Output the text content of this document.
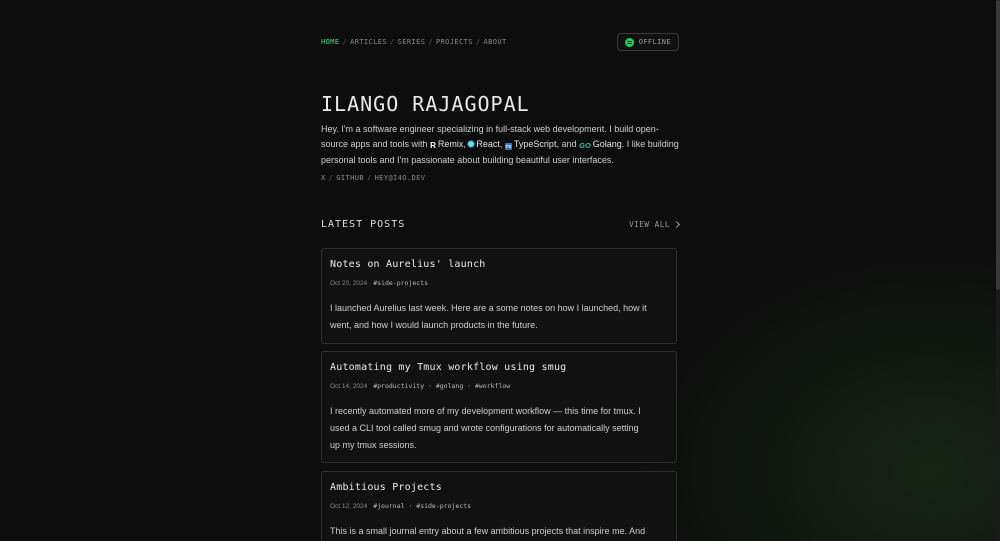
HOME / ARTICLES / SERIES / PROJECTS / ABOUT	OFFLINE
ILANGO RAJAGOPAL

Hey. I'm a software engineer specializing in full-stack web development. I build open-source apps and tools with R Remix, React, TS TypeScript, and GO Golang. I like building personal tools and I'm passionate about building beautiful user interfaces.

X / GITHUB / HEY@I4O.DEV
LATEST POSTS	VIEW ALL
Notes on Aurelius' launch
Oct 20, 2024 #side-projects
I launched Aurelius last week. Here are a some notes on how I launched, how it went, and how I would launch products in the future.
Automating my Tmux workflow using smug
Oct 14, 2024 #productivity · #golang · #workflow
I recently automated more of my development workflow — this time for tmux. I used a CLI tool called smug and wrote configurations for automatically setting up my tmux sessions.
Ambitious Projects
Oct 12, 2024 #journal · #side-projects
This is a small journal entry about a few ambitious projects that inspire me. And
